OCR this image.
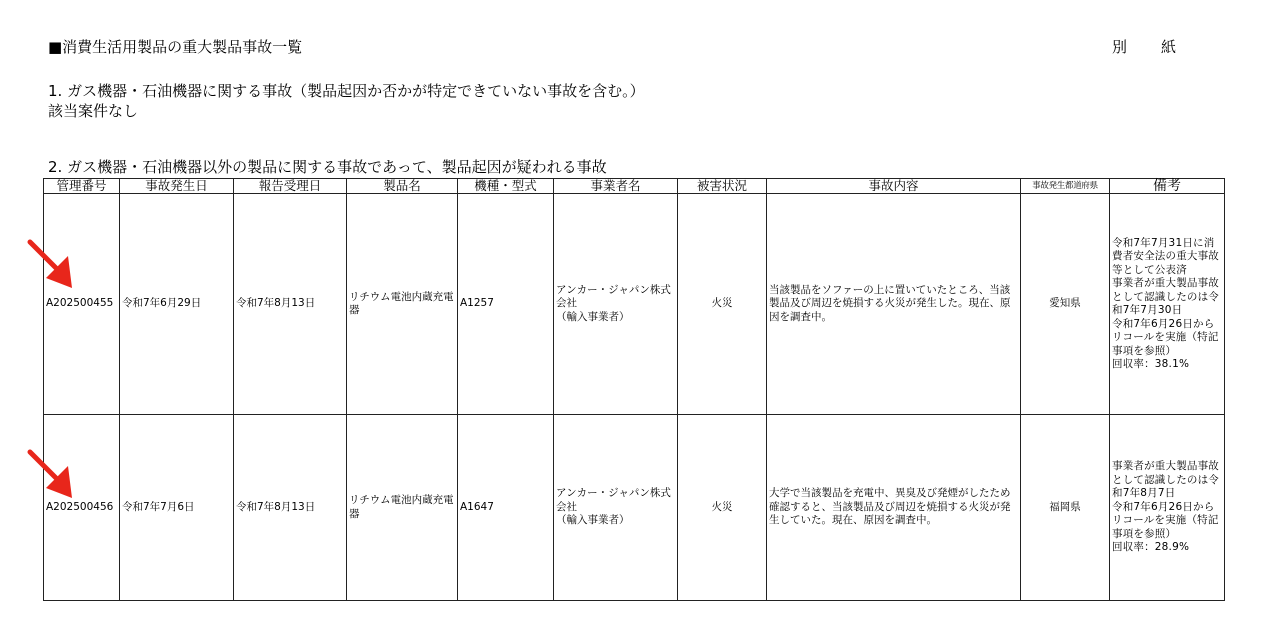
■消費生活用製品の重大製品事故一覧	別 紙
1. ガス機器・石油機器に関する事故（製品起因か否かが特定できていない事故を含む。）
該当案件なし
2. ガス機器・石油機器以外の製品に関する事故であって、製品起因が疑われる事故
管理番号	事故発生日	報告受理日	製品名	機種・型式	事業者名	被害状況	事故内容	事故発生都道府県	備考
A202500455	令和7年6月29日	令和7年8月13日	リチウム電池内蔵充電器	A1257	アンカー・ジャパン株式会社
（輸入事業者）	火災	当該製品をソファーの上に置いていたところ、当該製品及び周辺を焼損する火災が発生した。現在、原因を調査中。	愛知県	令和7年7月31日に消費者安全法の重大事故等として公表済
事業者が重大製品事故として認識したのは令和7年7月30日
令和7年6月26日からリコールを実施（特記事項を参照）
回収率：38.1%

A202500456	令和7年7月6日	令和7年8月13日	リチウム電池内蔵充電器	A1647	アンカー・ジャパン株式会社
（輸入事業者）	火災	大学で当該製品を充電中、異臭及び発煙がしたため確認すると、当該製品及び周辺を焼損する火災が発生していた。現在、原因を調査中。	福岡県	事業者が重大製品事故として認識したのは令和7年8月7日
令和7年6月26日からリコールを実施（特記事項を参照）
回収率：28.9%
